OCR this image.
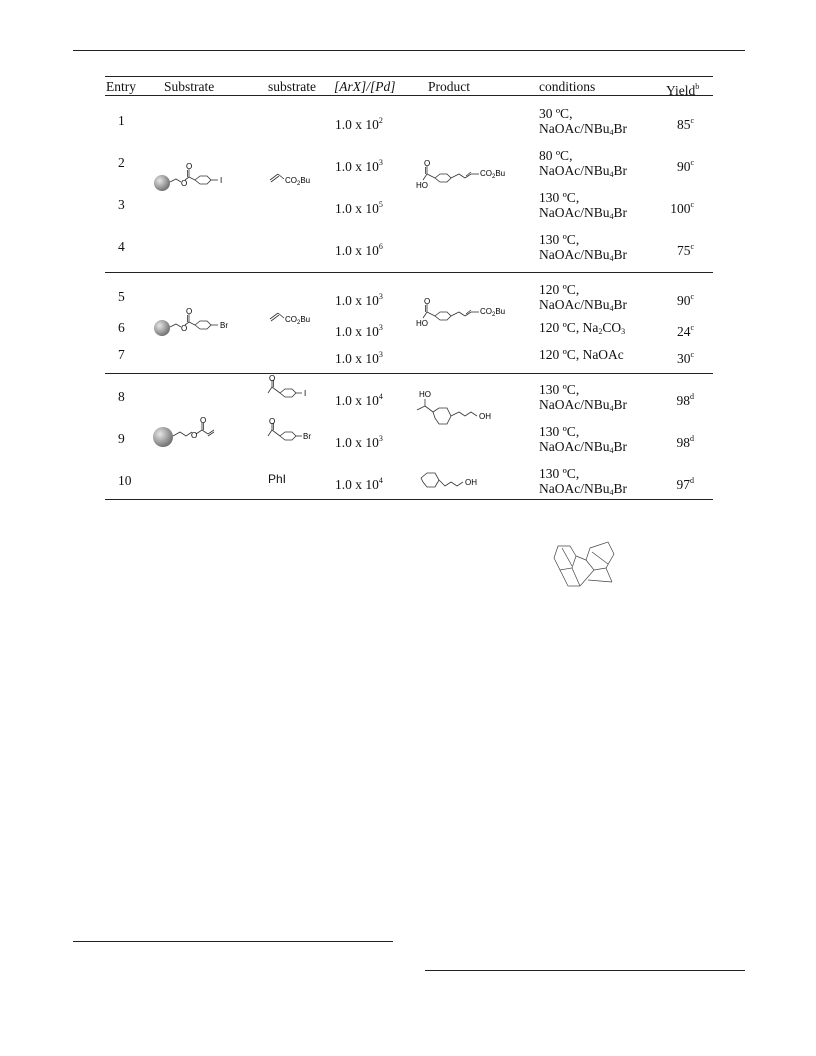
Entry Substrate	substrate [ArX]/[Pd] Product	conditions	Yield$^b$
1	1.0 x $10^2$	30 ºC,
NaOAc/NBu$_4$Br	85$^c$
2	1.0 x $10^3$	80 ºC,
NaOAc/NBu$_4$Br	90$^c$
3	1.0 x $10^5$	130 ºC,
NaOAc/NBu$_4$Br	100$^c$
4	1.0 x $10^6$	130 ºC,
NaOAc/NBu$_4$Br	75$^c$
5	1.0 x $10^3$	120 ºC,
NaOAc/NBu$_4$Br	90$^c$
6	1.0 x $10^3$	120 ºC, $Na_2CO_3$	24$^c$
7	1.0 x $10^3$	120 ºC, NaOAc	30$^c$
8	1.0 x $10^4$	130 ºC,
NaOAc/NBu$_4$Br	98$^d$
9	1.0 x $10^3$	130 ºC,
NaOAc/NBu$_4$Br	98$^d$
10	1.0 x $10^4$	130 ºC,
NaOAc/NBu$_4$Br	97$^d$
O
O
I	$CO_2Bu$
O
HO
$CO_2Bu$
O
O
Br
$CO_2Bu$
O
HO
$CO_2Bu$
O
O
O
I
O
Br
PhI
HO
OH
OH
